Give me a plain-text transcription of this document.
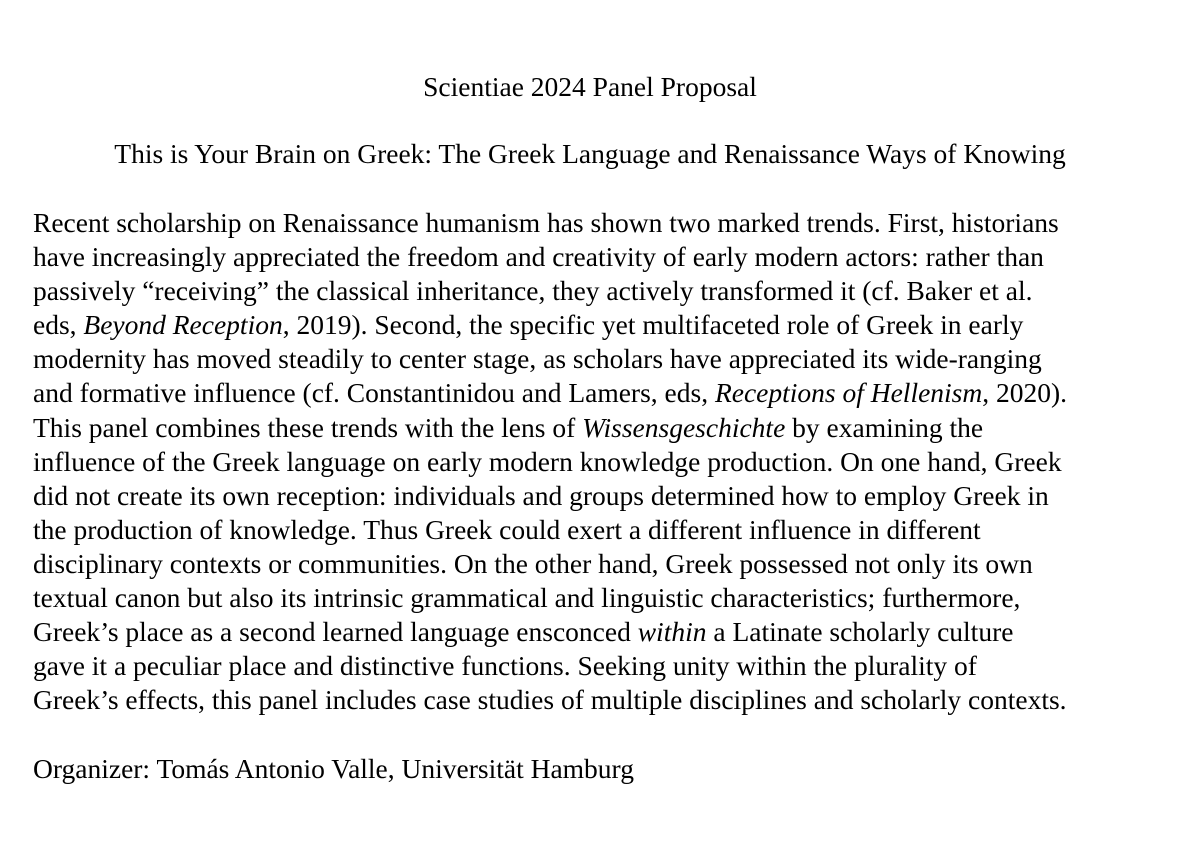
Scientiae 2024 Panel Proposal
This is Your Brain on Greek: The Greek Language and Renaissance Ways of Knowing
Recent scholarship on Renaissance humanism has shown two marked trends. First, historians
have increasingly appreciated the freedom and creativity of early modern actors: rather than
passively “receiving” the classical inheritance, they actively transformed it (cf. Baker et al.
eds, Beyond Reception, 2019). Second, the specific yet multifaceted role of Greek in early
modernity has moved steadily to center stage, as scholars have appreciated its wide-ranging
and formative influence (cf. Constantinidou and Lamers, eds, Receptions of Hellenism, 2020).
This panel combines these trends with the lens of Wissensgeschichte by examining the
influence of the Greek language on early modern knowledge production. On one hand, Greek
did not create its own reception: individuals and groups determined how to employ Greek in
the production of knowledge. Thus Greek could exert a different influence in different
disciplinary contexts or communities. On the other hand, Greek possessed not only its own
textual canon but also its intrinsic grammatical and linguistic characteristics; furthermore,
Greek’s place as a second learned language ensconced within a Latinate scholarly culture
gave it a peculiar place and distinctive functions. Seeking unity within the plurality of
Greek’s effects, this panel includes case studies of multiple disciplines and scholarly contexts.

Organizer: Tomás Antonio Valle, Universität Hamburg
